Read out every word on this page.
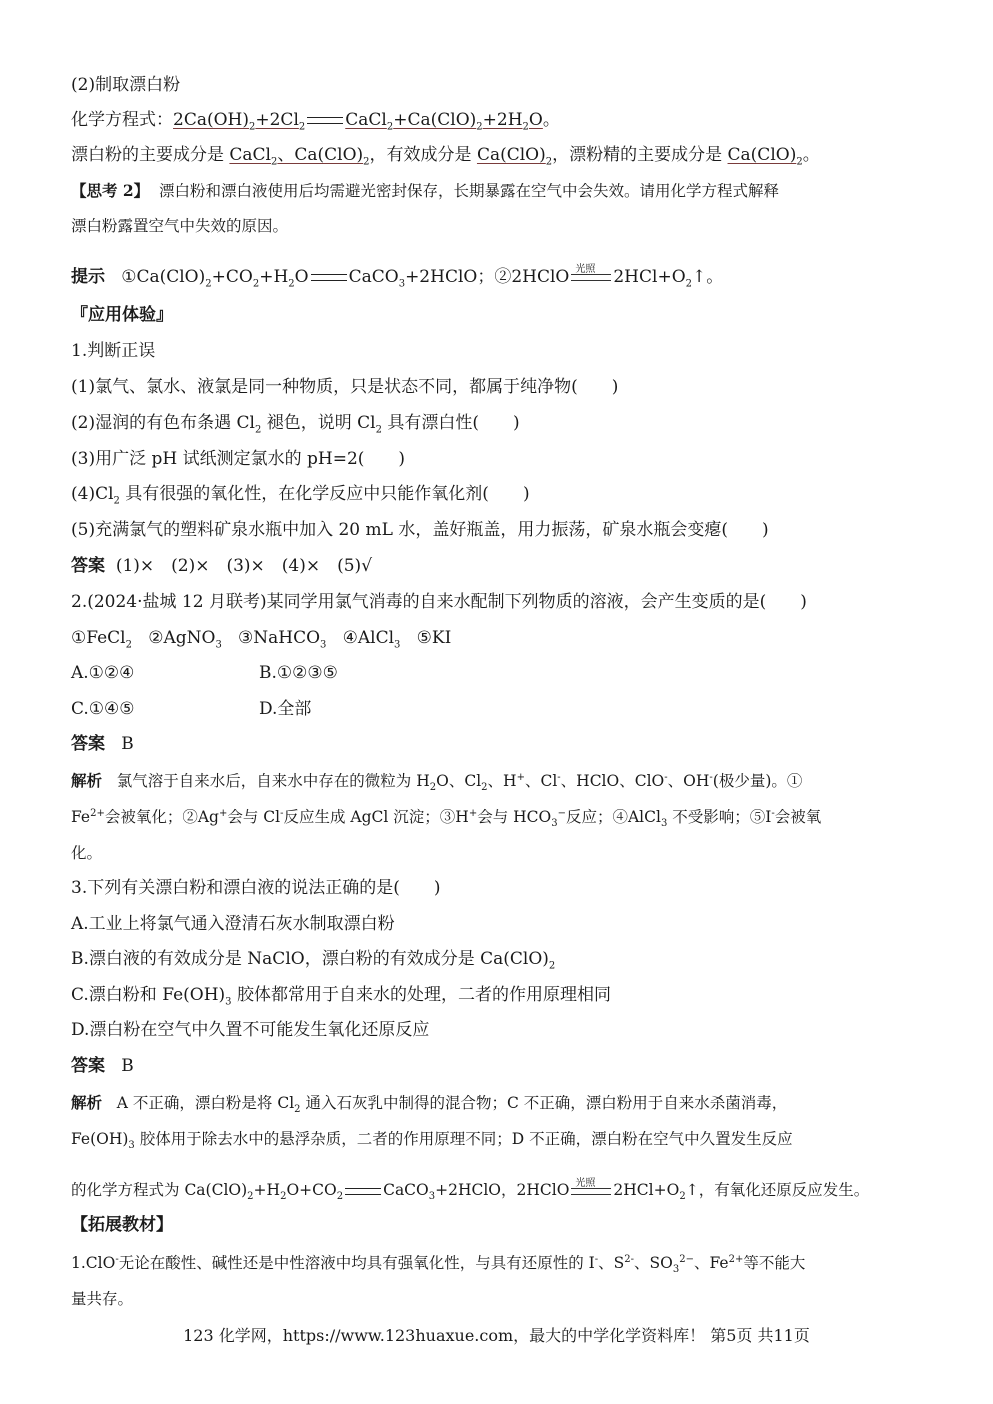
(2)制取漂白粉
化学方程式：$2Ca(OH)_2+2Cl_2$ $CaCl_2+Ca(ClO)_2+2H_2O$。
漂白粉的主要成分是 CaCl$_2$、$Ca(ClO)_2$，有效成分是 $Ca(ClO)_2$，漂粉精的主要成分是 $Ca(ClO)_2$。
【思考 2】 漂白粉和漂白液使用后均需避光密封保存，长期暴露在空气中会失效。请用化学方程式解释
漂白粉露置空气中失效的原因。
提示   $①Ca(ClO)_2+CO_2+H_2O$ CaCO$_3$+2HClO；②2HClO 光照 $2HCl+O_2↑$。
『应用体验』
1.判断正误
(1)氯气、氯水、液氯是同一种物质，只是状态不同，都属于纯净物(　　)
(2)湿润的有色布条遇 $Cl_2$ 褪色，说明 $Cl_2$ 具有漂白性(　　)
(3)用广泛 pH 试纸测定氯水的 pH=2(　　)
$(4)Cl_2$ 具有很强的氧化性，在化学反应中只能作氧化剂(　　)
(5)充满氯气的塑料矿泉水瓶中加入 20 mL 水，盖好瓶盖，用力振荡，矿泉水瓶会变瘪(　　)
答案 (1)×　(2)×　(3)×　(4)×　(5)√
2.(2024·盐城 12 月联考)某同学用氯气消毒的自来水配制下列物质的溶液，会产生变质的是(　　)
①FeCl$_2$   ②AgNO$_3$   ③NaHCO$_3$   ④AlCl$_3$   ⑤KI
A.①②④	B.①②③⑤
C.①④⑤	D.全部
答案 B
解析 氯气溶于自来水后，自来水中存在的微粒为 $H_2O$、$Cl_2$、H+、Cl-、HClO、ClO-、OH-(极少量)。①
$Fe^{2+}$会被氧化；②Ag+会与 Cl-反应生成 AgCl 沉淀；③H+会与 $HCO_3^-$反应；④AlCl$_3$ 不受影响；⑤I-会被氧
化。
3.下列有关漂白粉和漂白液的说法正确的是(　　)
A.工业上将氯气通入澄清石灰水制取漂白粉
B.漂白液的有效成分是 NaClO，漂白粉的有效成分是 $Ca(ClO)_2$
C.漂白粉和 $Fe(OH)_3$ 胶体都常用于自来水的处理，二者的作用原理相同
D.漂白粉在空气中久置不可能发生氧化还原反应
答案 B
解析 A 不正确，漂白粉是将 $Cl_2$ 通入石灰乳中制得的混合物；C 不正确，漂白粉用于自来水杀菌消毒，
$Fe(OH)_3$ 胶体用于除去水中的悬浮杂质，二者的作用原理不同；D 不正确，漂白粉在空气中久置发生反应
的化学方程式为 $Ca(ClO)_2+H_2O+CO_2$	CaCO$_3$+2HClO，2HClO 光照 $2HCl+O_2↑$，有氧化还原反应发生。
【拓展教材】
1.ClO-无论在酸性、碱性还是中性溶液中均具有强氧化性，与具有还原性的 I-、$S^{2-}$、$SO_3^{2-}$、$Fe^{2+}$等不能大
量共存。
123 化学网，https://www.123huaxue.com，最大的中学化学资料库！ 第5页 共11页
